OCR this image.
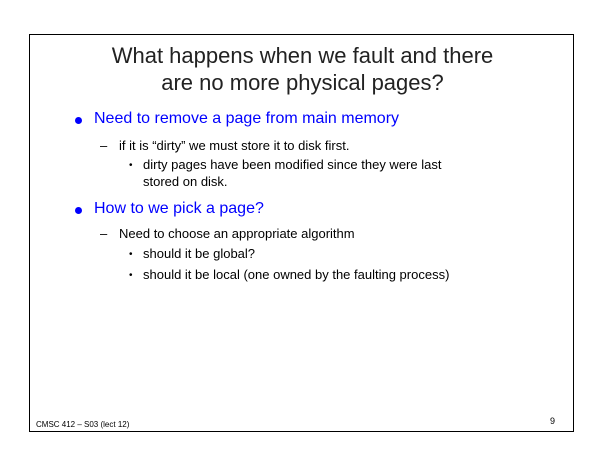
What happens when we fault and there
are no more physical pages?
Need to remove a page from main memory
– if it is “dirty” we must store it to disk first.
• dirty pages have been modified since they were last
stored on disk.
How to we pick a page?
– Need to choose an appropriate algorithm
• should it be global?
• should it be local (one owned by the faulting process)
CMSC 412 – S03 (lect 12)	9
